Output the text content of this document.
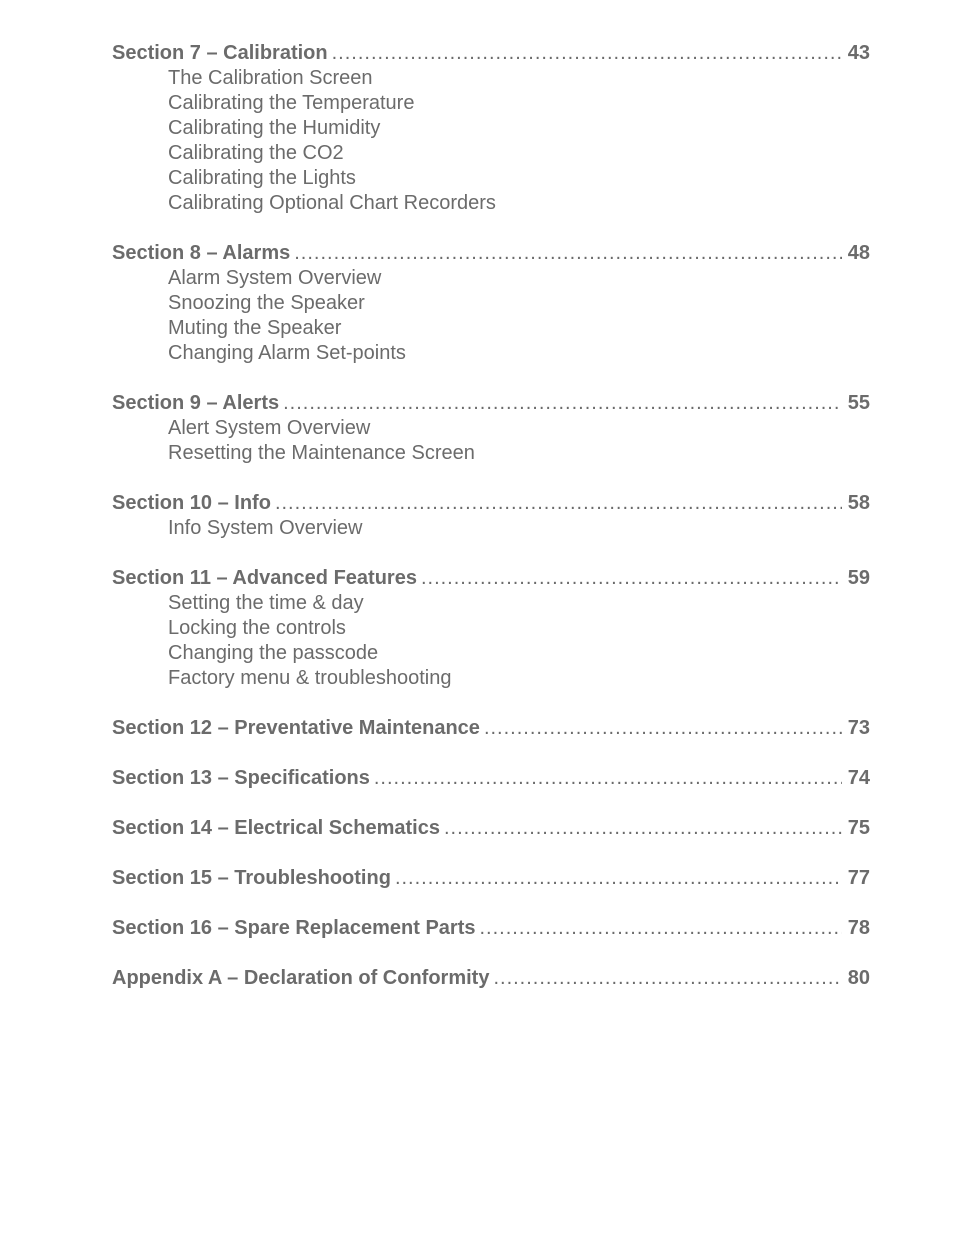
Section 7 – Calibration .....	43
The Calibration Screen
Calibrating the Temperature
Calibrating the Humidity
Calibrating the CO2
Calibrating the Lights
Calibrating Optional Chart Recorders
Section 8 – Alarms .....	48
Alarm System Overview
Snoozing the Speaker
Muting the Speaker
Changing Alarm Set-points
Section 9 – Alerts .....	55
Alert System Overview
Resetting the Maintenance Screen
Section 10 – Info .....	58
Info System Overview
Section 11 – Advanced Features .....	59
Setting the time & day
Locking the controls
Changing the passcode
Factory menu & troubleshooting
Section 12 – Preventative Maintenance .....	73
Section 13 – Specifications .....	74
Section 14 – Electrical Schematics .....	75
Section 15 – Troubleshooting .....	77
Section 16 – Spare Replacement Parts .....	78
Appendix A – Declaration of Conformity .....	80
